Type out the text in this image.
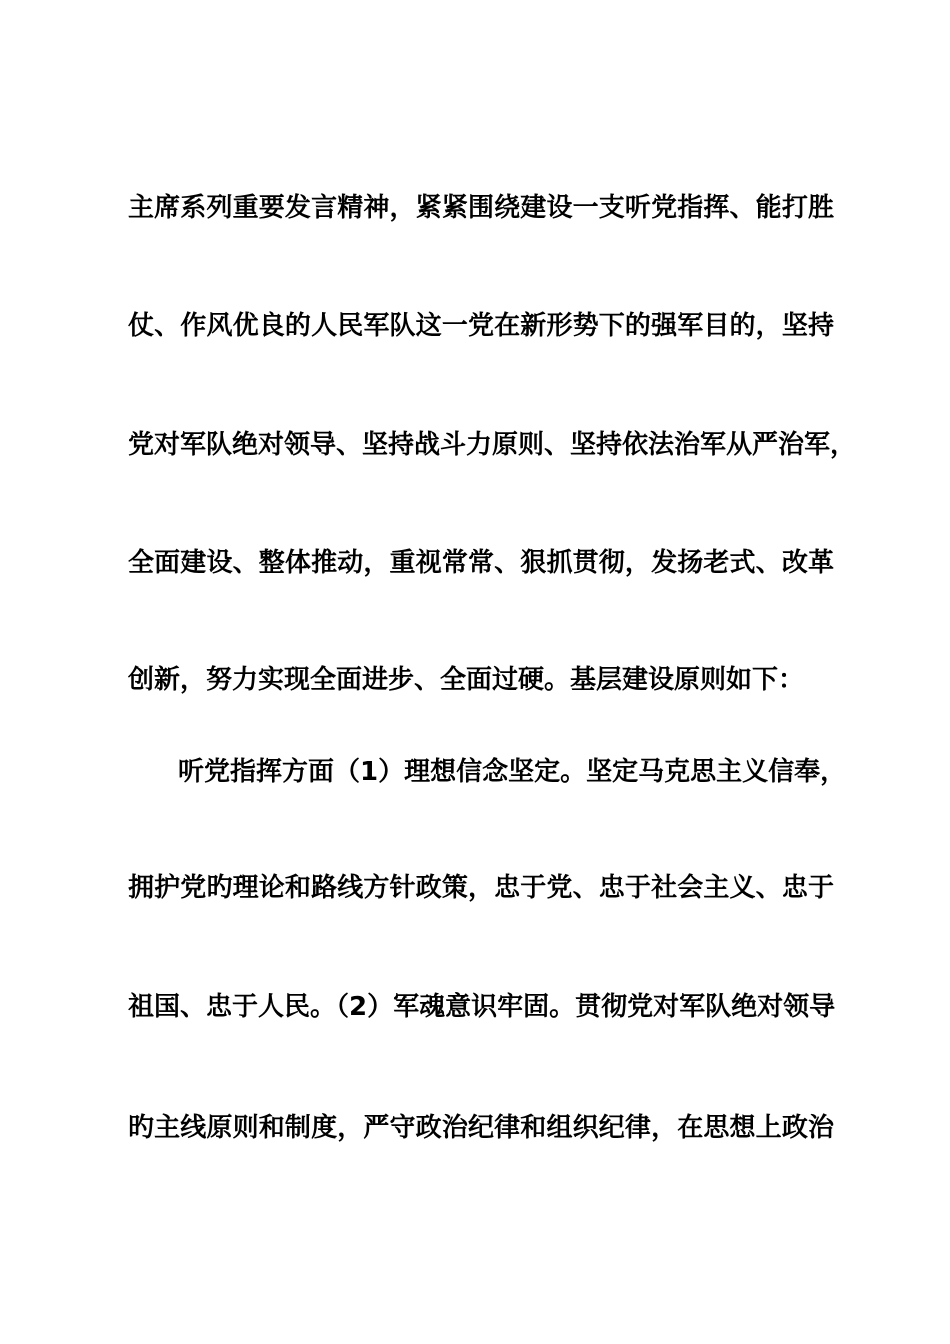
主席系列重要发言精神，紧紧围绕建设一支听党指挥、能打胜
仗、作风优良的人民军队这一党在新形势下的强军目的，坚持
党对军队绝对领导、坚持战斗力原则、坚持依法治军从严治军，
全面建设、整体推动，重视常常、狠抓贯彻，发扬老式、改革
创新，努力实现全面进步、全面过硬。基层建设原则如下：
听党指挥方面（1）理想信念坚定。坚定马克思主义信奉，
拥护党旳理论和路线方针政策，忠于党、忠于社会主义、忠于
祖国、忠于人民。（2）军魂意识牢固。贯彻党对军队绝对领导
旳主线原则和制度，严守政治纪律和组织纪律，在思想上政治
